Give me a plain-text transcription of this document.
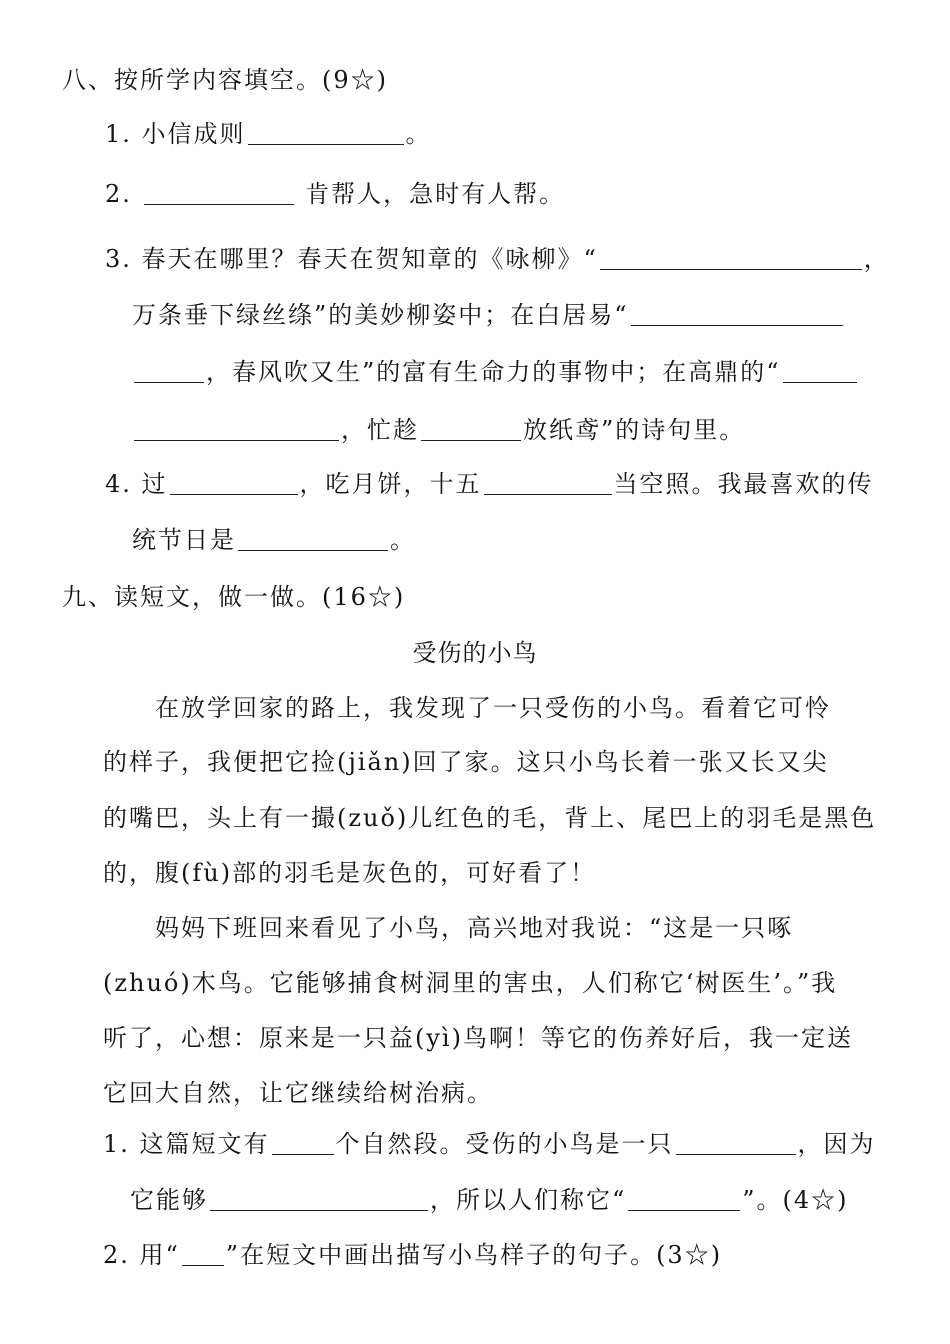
八、按所学内容填空。(9☆)
1. 小信成则	。
2.	肯帮人，急时有人帮。
3. 春天在哪里？春天在贺知章的《咏柳》“	，
万条垂下绿丝绦”的美妙柳姿中；在白居易“
，春风吹又生”的富有生命力的事物中；在高鼎的“
，忙趁	放纸鸢”的诗句里。
4. 过	，吃月饼，十五	当空照。我最喜欢的传
统节日是	。
九、读短文，做一做。(16☆)
受伤的小鸟
在放学回家的路上，我发现了一只受伤的小鸟。看着它可怜
的样子，我便把它捡(jiǎn)回了家。这只小鸟长着一张又长又尖
的嘴巴，头上有一撮(zuǒ)儿红色的毛，背上、尾巴上的羽毛是黑色
的，腹(fù)部的羽毛是灰色的，可好看了！
妈妈下班回来看见了小鸟，高兴地对我说：“这是一只啄
(zhuó)木鸟。它能够捕食树洞里的害虫，人们称它‘树医生’。”我
听了，心想：原来是一只益(yì)鸟啊！等它的伤养好后，我一定送
它回大自然，让它继续给树治病。
1. 这篇短文有	个自然段。受伤的小鸟是一只	，因为
它能够	，所以人们称它“	”。(4☆)
2. 用“ ”在短文中画出描写小鸟样子的句子。(3☆)
